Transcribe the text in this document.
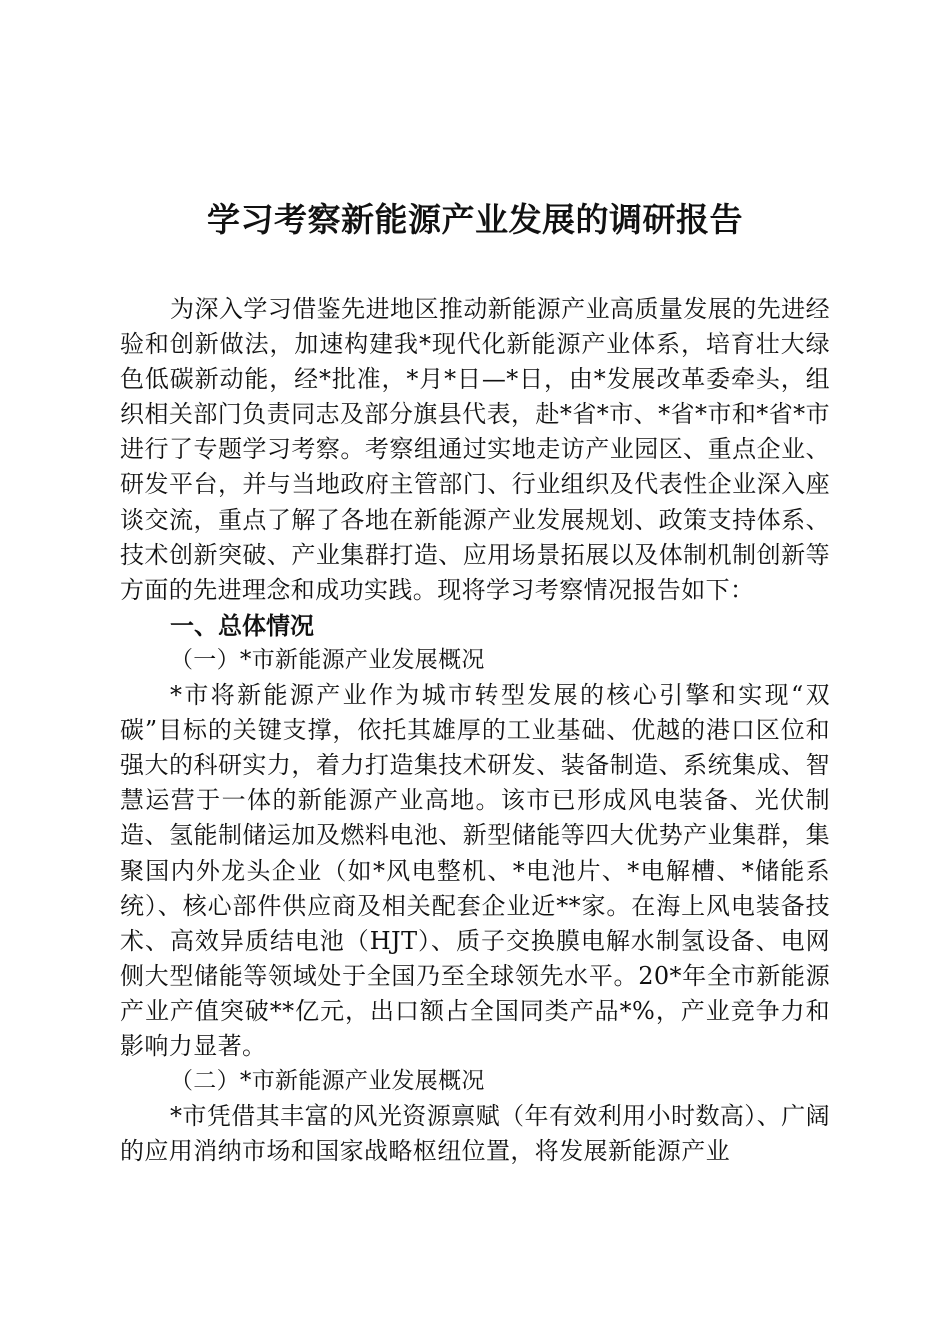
学习考察新能源产业发展的调研报告

为深入学习借鉴先进地区推动新能源产业高质量发展的先进经验和创新做法，加速构建我*现代化新能源产业体系，培育壮大绿色低碳新动能，经*批准，*月*日—*日，由*发展改革委牵头，组织相关部门负责同志及部分旗县代表，赴*省*市、*省*市和*省*市进行了专题学习考察。考察组通过实地走访产业园区、重点企业、研发平台，并与当地政府主管部门、行业组织及代表性企业深入座谈交流，重点了解了各地在新能源产业发展规划、政策支持体系、技术创新突破、产业集群打造、应用场景拓展以及体制机制创新等方面的先进理念和成功实践。现将学习考察情况报告如下：

一、总体情况

（一）*市新能源产业发展概况

*市将新能源产业作为城市转型发展的核心引擎和实现“双碳”目标的关键支撑，依托其雄厚的工业基础、优越的港口区位和强大的科研实力，着力打造集技术研发、装备制造、系统集成、智慧运营于一体的新能源产业高地。该市已形成风电装备、光伏制造、氢能制储运加及燃料电池、新型储能等四大优势产业集群，集聚国内外龙头企业（如*风电整机、*电池片、*电解槽、*储能系统）、核心部件供应商及相关配套企业近**家。在海上风电装备技术、高效异质结电池（HJT）、质子交换膜电解水制氢设备、电网侧大型储能等领域处于全国乃至全球领先水平。20*年全市新能源产业产值突破**亿元，出口额占全国同类产品*%，产业竞争力和影响力显著。

（二）*市新能源产业发展概况

*市凭借其丰富的风光资源禀赋（年有效利用小时数高）、广阔的应用消纳市场和国家战略枢纽位置，将发展新能源产业
